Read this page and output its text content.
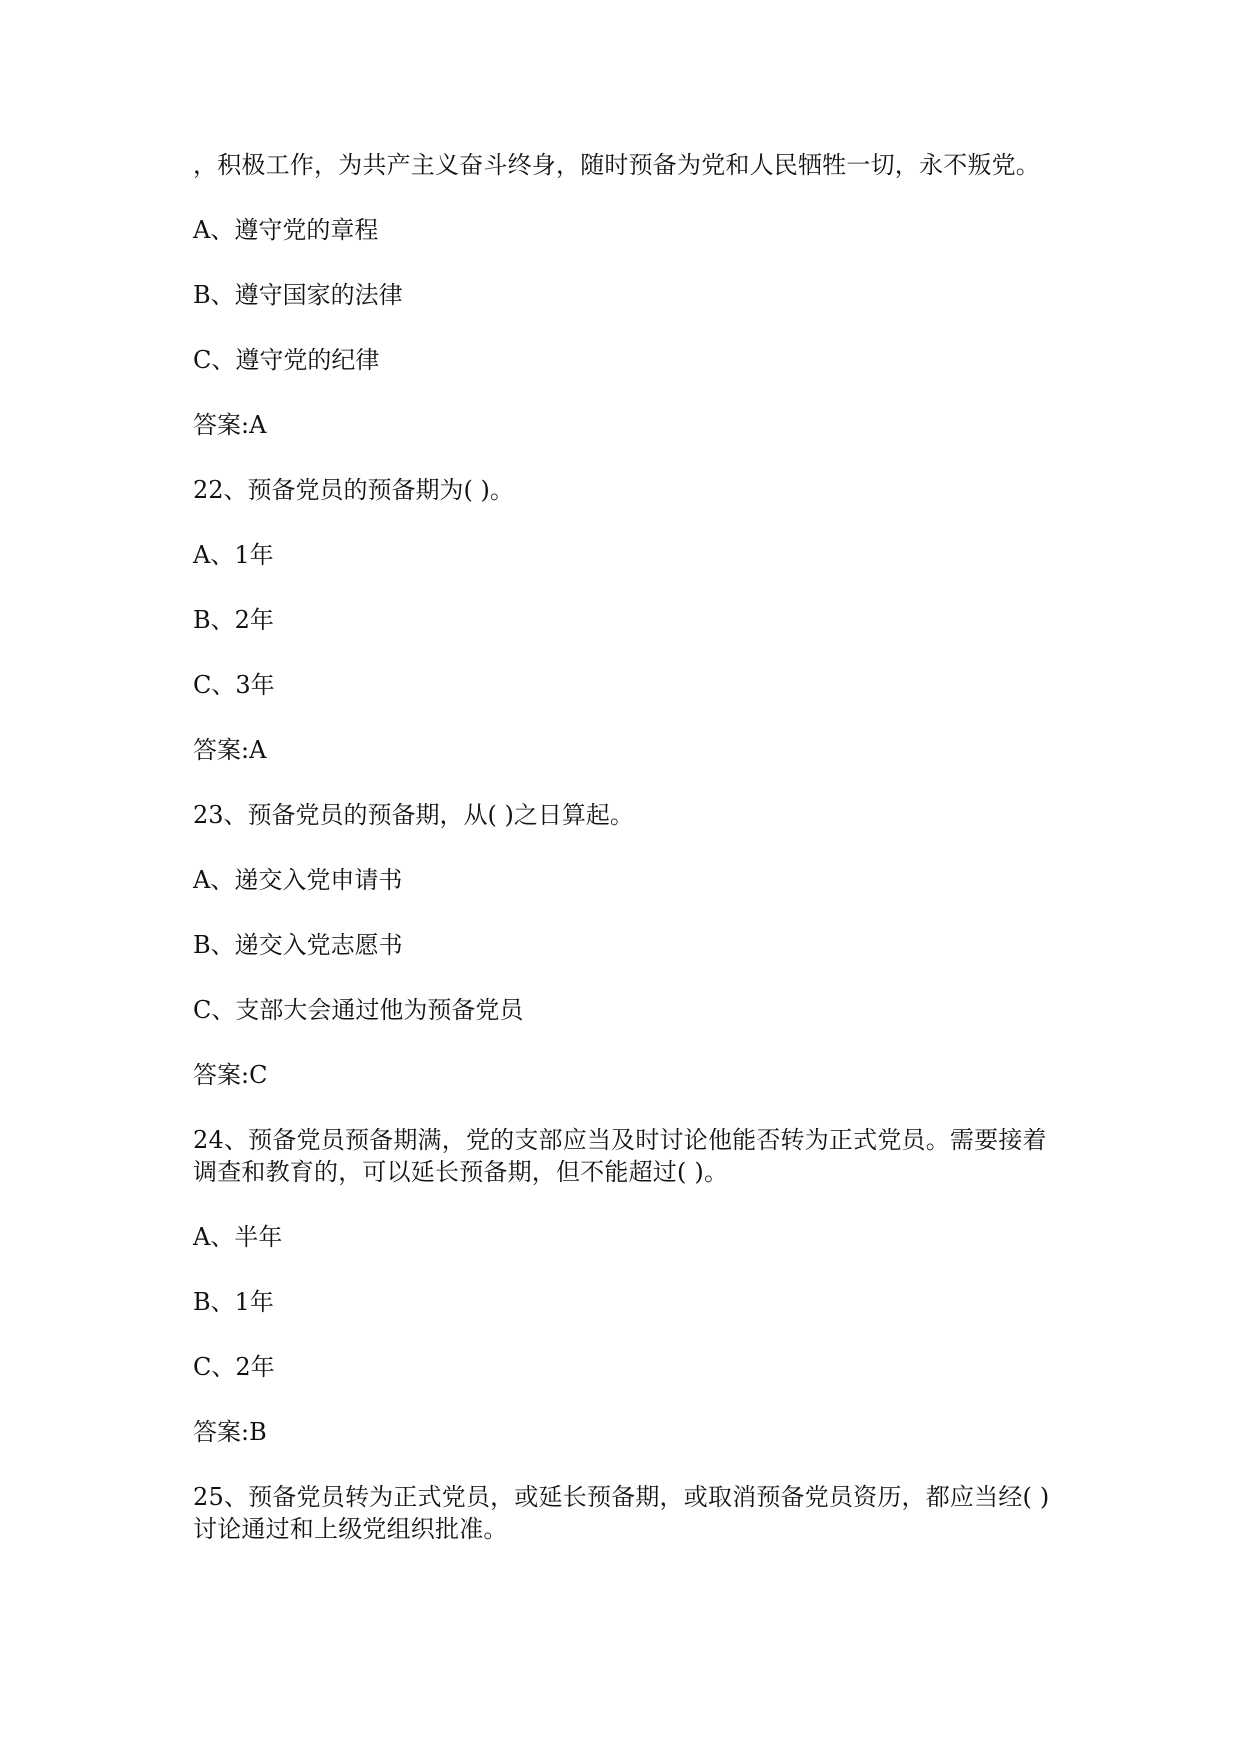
，积极工作，为共产主义奋斗终身，随时预备为党和人民牺牲一切，永不叛党。

A、遵守党的章程

B、遵守国家的法律

C、遵守党的纪律

答案:A

22、预备党员的预备期为( )。

A、1年

B、2年

C、3年

答案:A

23、预备党员的预备期，从( )之日算起。

A、递交入党申请书

B、递交入党志愿书

C、支部大会通过他为预备党员

答案:C

24、预备党员预备期满，党的支部应当及时讨论他能否转为正式党员。需要接着调查和教育的，可以延长预备期，但不能超过( )。

A、半年

B、1年

C、2年

答案:B

25、预备党员转为正式党员，或延长预备期，或取消预备党员资历，都应当经( )讨论通过和上级党组织批准。
